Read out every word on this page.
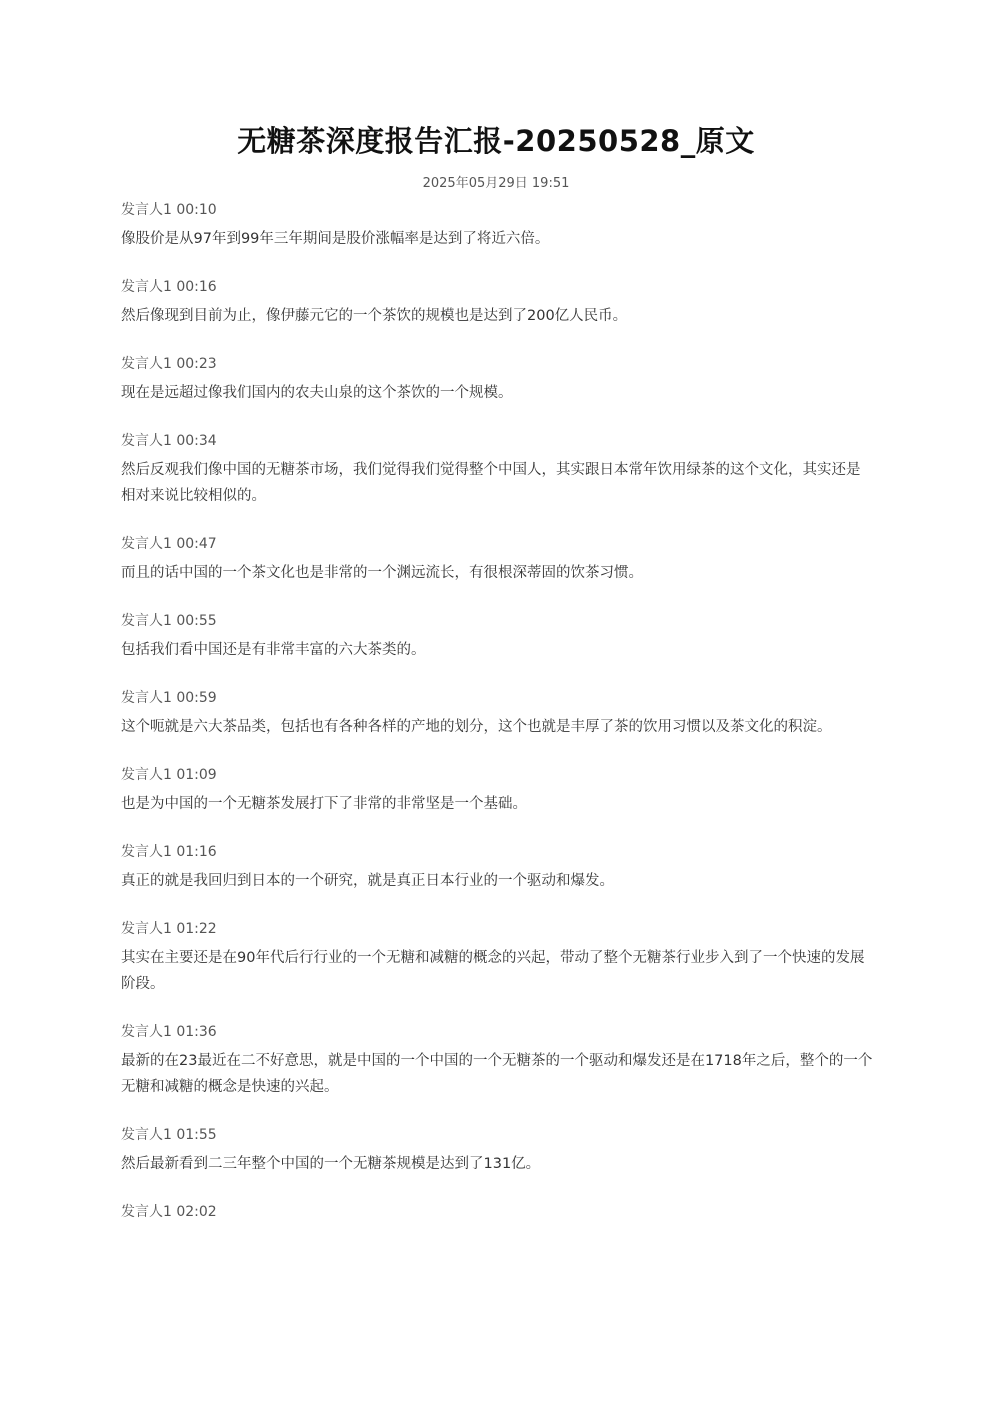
无糖茶深度报告汇报-20250528_原文
2025年05月29日 19:51
发言人1 00:10
像股价是从97年到99年三年期间是股价涨幅率是达到了将近六倍。
发言人1 00:16
然后像现到目前为止，像伊藤元它的一个茶饮的规模也是达到了200亿人民币。
发言人1 00:23
现在是远超过像我们国内的农夫山泉的这个茶饮的一个规模。
发言人1 00:34
然后反观我们像中国的无糖茶市场，我们觉得我们觉得整个中国人，其实跟日本常年饮用绿茶的这个文化，其实还是相对来说比较相似的。
发言人1 00:47
而且的话中国的一个茶文化也是非常的一个渊远流长，有很根深蒂固的饮茶习惯。
发言人1 00:55
包括我们看中国还是有非常丰富的六大茶类的。
发言人1 00:59
这个呃就是六大茶品类，包括也有各种各样的产地的划分，这个也就是丰厚了茶的饮用习惯以及茶文化的积淀。
发言人1 01:09
也是为中国的一个无糖茶发展打下了非常的非常坚是一个基础。
发言人1 01:16
真正的就是我回归到日本的一个研究，就是真正日本行业的一个驱动和爆发。
发言人1 01:22
其实在主要还是在90年代后行行业的一个无糖和减糖的概念的兴起，带动了整个无糖茶行业步入到了一个快速的发展阶段。
发言人1 01:36
最新的在23最近在二不好意思，就是中国的一个中国的一个无糖茶的一个驱动和爆发还是在1718年之后，整个的一个无糖和减糖的概念是快速的兴起。
发言人1 01:55
然后最新看到二三年整个中国的一个无糖茶规模是达到了131亿。
发言人1 02:02
